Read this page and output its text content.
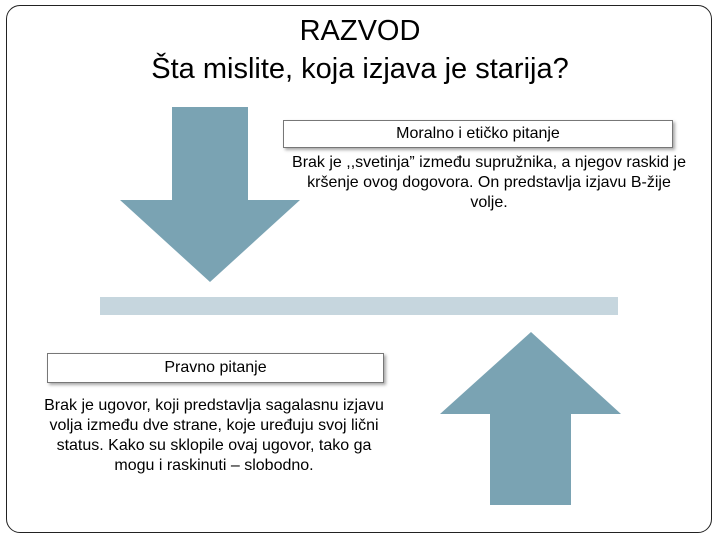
RAZVOD
Šta mislite, koja izjava je starija?
Moralno i etičko pitanje
Brak je ,,svetinja” između supružnika, a njegov raskid je kršenje ovog dogovora. On predstavlja izjavu B-žije volje.
Pravno pitanje
Brak je ugovor, koji predstavlja sagalasnu izjavu volja između dve strane, koje uređuju svoj lični status. Kako su sklopile ovaj ugovor, tako ga mogu i raskinuti – slobodno.
